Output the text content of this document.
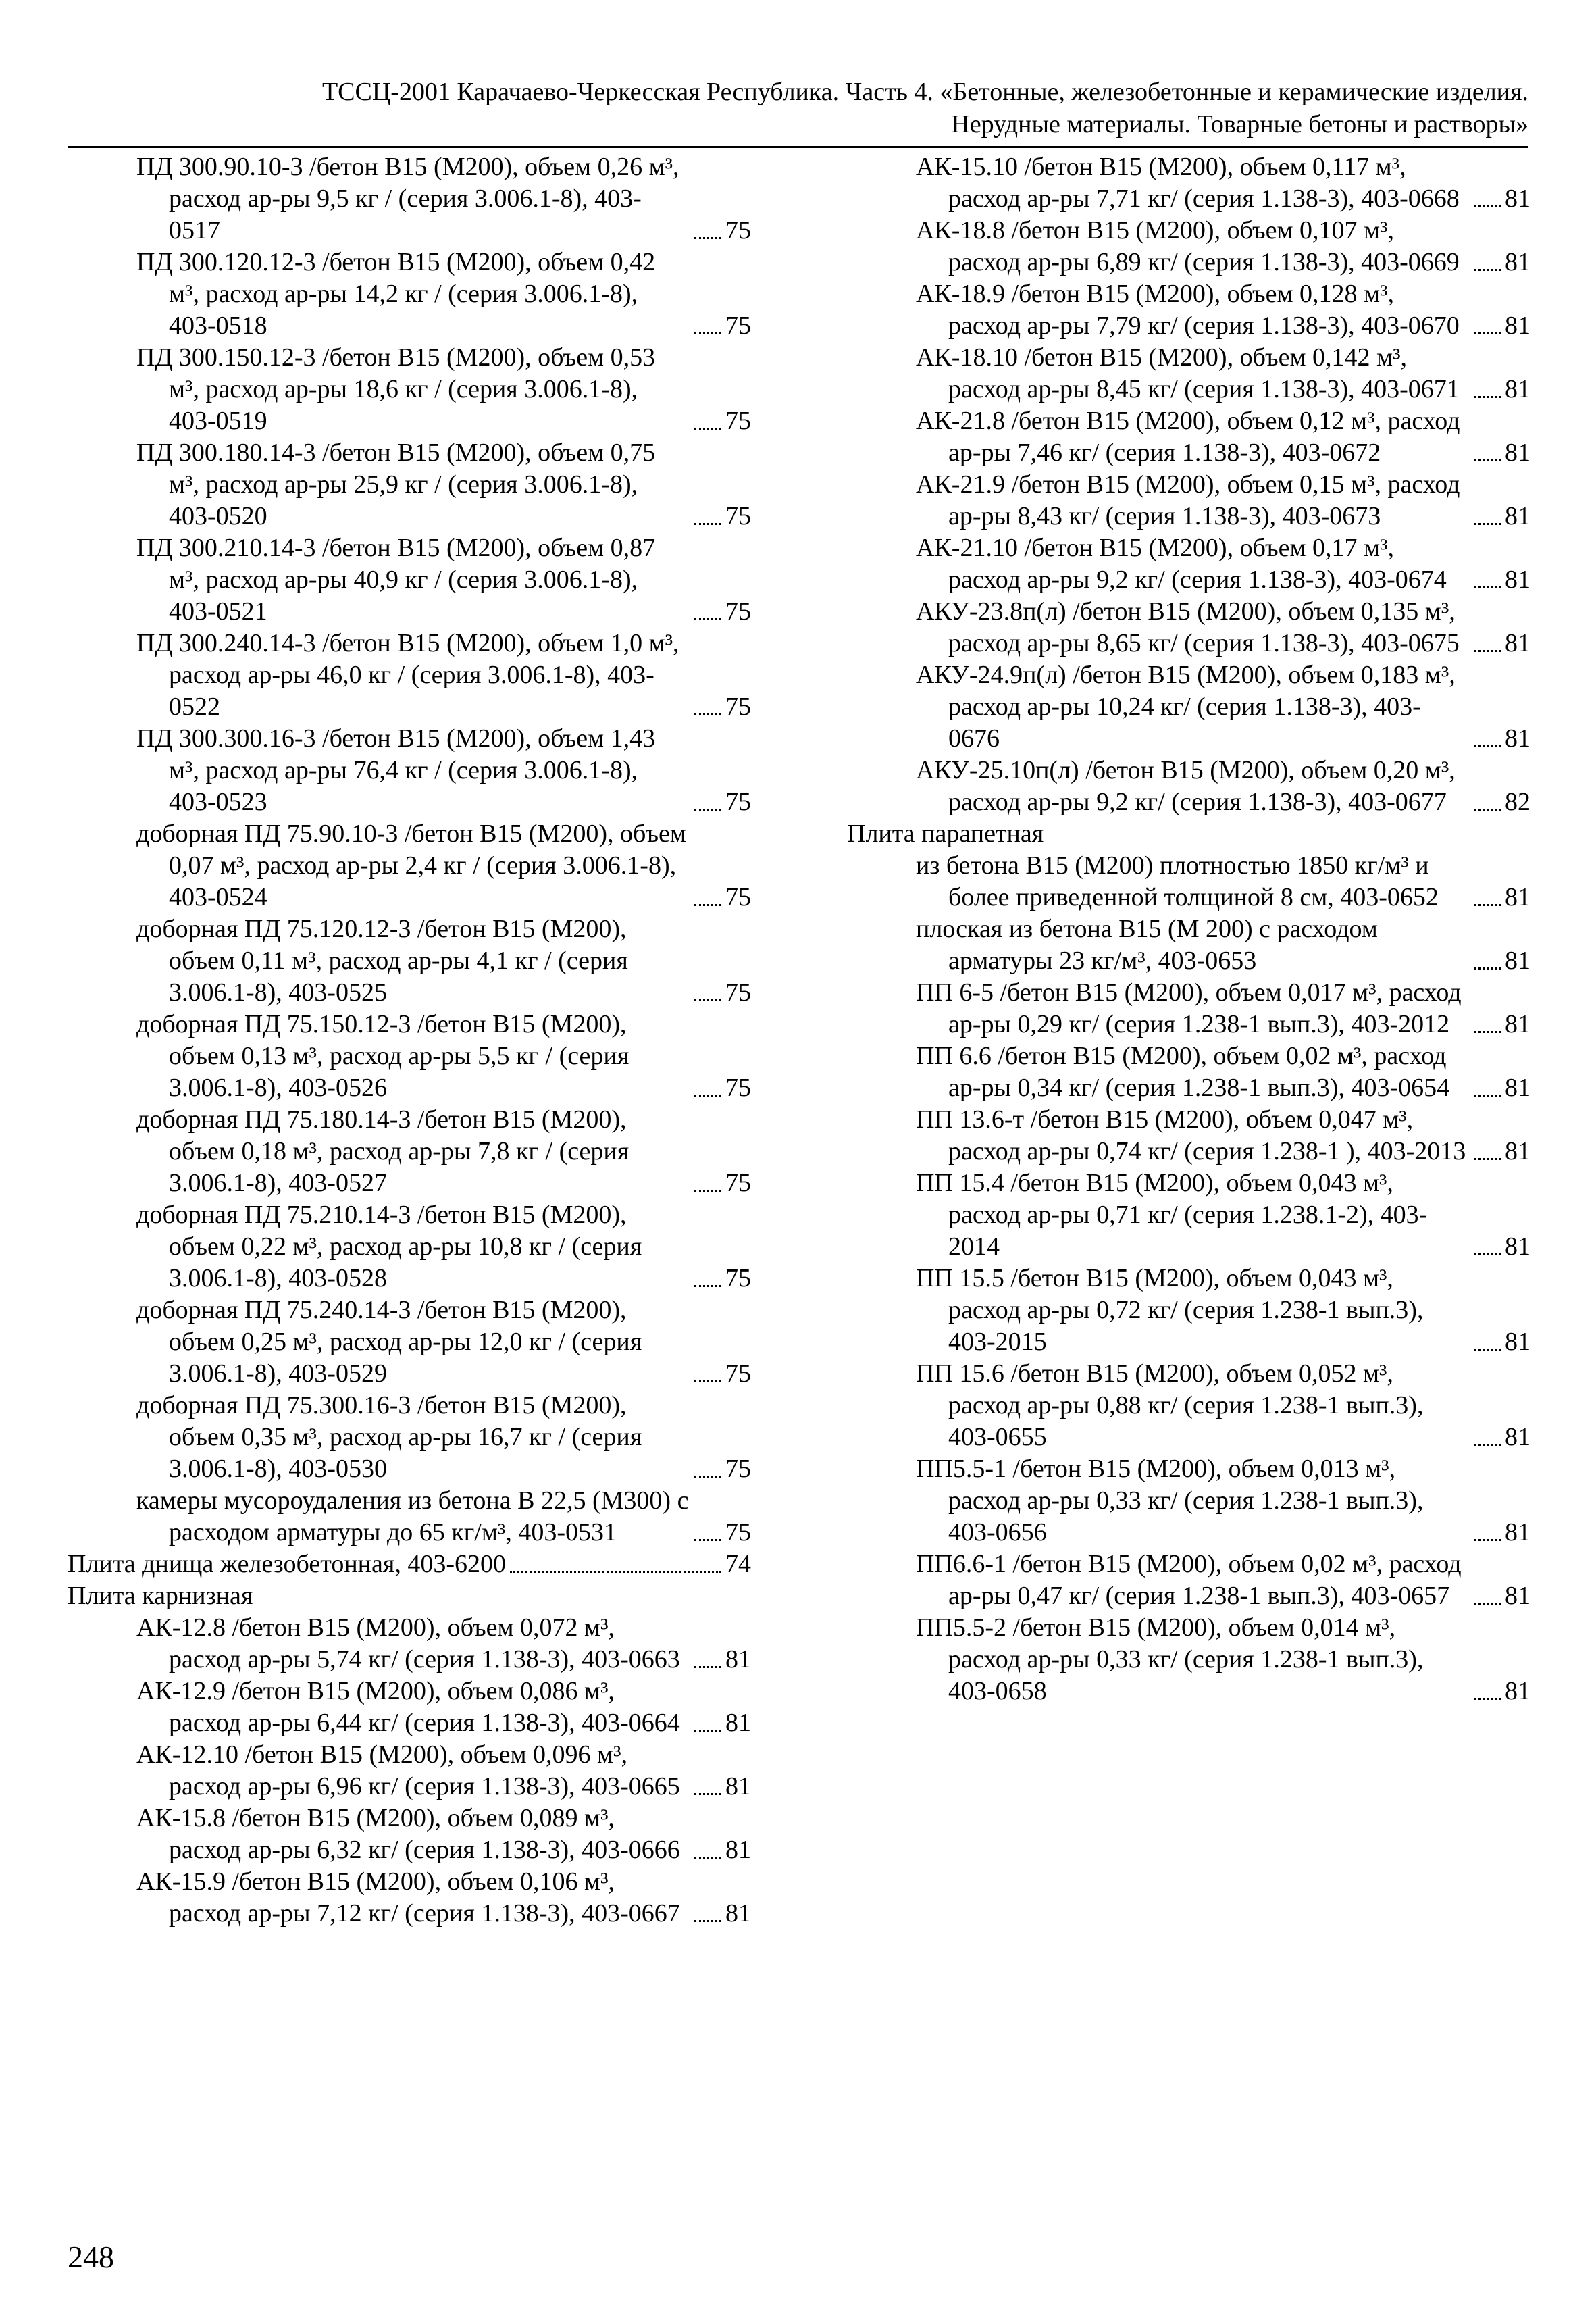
ТССЦ-2001 Карачаево-Черкесская Республика. Часть 4. «Бетонные, железобетонные и керамические изделия.
Нерудные материалы. Товарные бетоны и растворы»
ПД 300.90.10-3 /бетон В15 (М200), объем 0,26 м³, расход ар-ры 9,5 кг / (серия 3.006.1-8), 403-0517	75
ПД 300.120.12-3 /бетон В15 (М200), объем 0,42 м³, расход ар-ры 14,2 кг / (серия 3.006.1-8), 403-0518	75
ПД 300.150.12-3 /бетон В15 (М200), объем 0,53 м³, расход ар-ры 18,6 кг / (серия 3.006.1-8), 403-0519	75
ПД 300.180.14-3 /бетон В15 (М200), объем 0,75 м³, расход ар-ры 25,9 кг / (серия 3.006.1-8), 403-0520	75
ПД 300.210.14-3 /бетон В15 (М200), объем 0,87 м³, расход ар-ры 40,9 кг / (серия 3.006.1-8), 403-0521	75
ПД 300.240.14-3 /бетон В15 (М200), объем 1,0 м³, расход ар-ры 46,0 кг / (серия 3.006.1-8), 403-0522	75
ПД 300.300.16-3 /бетон В15 (М200), объем 1,43 м³, расход ар-ры 76,4 кг / (серия 3.006.1-8), 403-0523	75
доборная ПД 75.90.10-3 /бетон В15 (М200), объем 0,07 м³, расход ар-ры 2,4 кг / (серия 3.006.1-8), 403-0524	75
доборная ПД 75.120.12-3 /бетон В15 (М200), объем 0,11 м³, расход ар-ры 4,1 кг / (серия 3.006.1-8), 403-0525	75
доборная ПД 75.150.12-3 /бетон В15 (М200), объем 0,13 м³, расход ар-ры 5,5 кг / (серия 3.006.1-8), 403-0526	75
доборная ПД 75.180.14-3 /бетон В15 (М200), объем 0,18 м³, расход ар-ры 7,8 кг / (серия 3.006.1-8), 403-0527	75
доборная ПД 75.210.14-3 /бетон В15 (М200), объем 0,22 м³, расход ар-ры 10,8 кг / (серия 3.006.1-8), 403-0528	75
доборная ПД 75.240.14-3 /бетон В15 (М200), объем 0,25 м³, расход ар-ры 12,0 кг / (серия 3.006.1-8), 403-0529	75
доборная ПД 75.300.16-3 /бетон В15 (М200), объем 0,35 м³, расход ар-ры 16,7 кг / (серия 3.006.1-8), 403-0530	75
камеры мусороудаления из бетона В 22,5 (М300) с расходом арматуры до 65 кг/м³, 403-0531	75
Плита днища железобетонная, 403-6200	74
Плита карнизная
АК-12.8 /бетон В15 (М200), объем 0,072 м³, расход ар-ры 5,74 кг/ (серия 1.138-3), 403-0663	81
АК-12.9 /бетон В15 (М200), объем 0,086 м³, расход ар-ры 6,44 кг/ (серия 1.138-3), 403-0664	81
АК-12.10 /бетон В15 (М200), объем 0,096 м³, расход ар-ры 6,96 кг/ (серия 1.138-3), 403-0665	81
АК-15.8 /бетон В15 (М200), объем 0,089 м³, расход ар-ры 6,32 кг/ (серия 1.138-3), 403-0666	81
АК-15.9 /бетон В15 (М200), объем 0,106 м³, расход ар-ры 7,12 кг/ (серия 1.138-3), 403-0667	81
АК-15.10 /бетон В15 (М200), объем 0,117 м³, расход ар-ры 7,71 кг/ (серия 1.138-3), 403-0668	81
АК-18.8 /бетон В15 (М200), объем 0,107 м³, расход ар-ры 6,89 кг/ (серия 1.138-3), 403-0669	81
АК-18.9 /бетон В15 (М200), объем 0,128 м³, расход ар-ры 7,79 кг/ (серия 1.138-3), 403-0670	81
АК-18.10 /бетон В15 (М200), объем 0,142 м³, расход ар-ры 8,45 кг/ (серия 1.138-3), 403-0671	81
АК-21.8 /бетон В15 (М200), объем 0,12 м³, расход ар-ры 7,46 кг/ (серия 1.138-3), 403-0672	81
АК-21.9 /бетон В15 (М200), объем 0,15 м³, расход ар-ры 8,43 кг/ (серия 1.138-3), 403-0673	81
АК-21.10 /бетон В15 (М200), объем 0,17 м³, расход ар-ры 9,2 кг/ (серия 1.138-3), 403-0674	81
АКУ-23.8п(л) /бетон В15 (М200), объем 0,135 м³, расход ар-ры 8,65 кг/ (серия 1.138-3), 403-0675	81
АКУ-24.9п(л) /бетон В15 (М200), объем 0,183 м³, расход ар-ры 10,24 кг/ (серия 1.138-3), 403-0676	81
АКУ-25.10п(л) /бетон В15 (М200), объем 0,20 м³, расход ар-ры 9,2 кг/ (серия 1.138-3), 403-0677	82
Плита парапетная
из бетона В15 (М200) плотностью 1850 кг/м³ и более приведенной толщиной 8 см, 403-0652	81
плоская из бетона В15 (М 200) с расходом арматуры 23 кг/м³, 403-0653	81
ПП 6-5 /бетон В15 (М200), объем 0,017 м³, расход ар-ры 0,29 кг/ (серия 1.238-1 вып.3), 403-2012	81
ПП 6.6 /бетон В15 (М200), объем 0,02 м³, расход ар-ры 0,34 кг/ (серия 1.238-1 вып.3), 403-0654	81
ПП 13.6-т /бетон В15 (М200), объем 0,047 м³, расход ар-ры 0,74 кг/ (серия 1.238-1 ), 403-2013 81
ПП 15.4 /бетон В15 (М200), объем 0,043 м³, расход ар-ры 0,71 кг/ (серия 1.238.1-2), 403-2014	81
ПП 15.5 /бетон В15 (М200), объем 0,043 м³, расход ар-ры 0,72 кг/ (серия 1.238-1 вып.3), 403-2015	81
ПП 15.6 /бетон В15 (М200), объем 0,052 м³, расход ар-ры 0,88 кг/ (серия 1.238-1 вып.3), 403-0655	81
ПП5.5-1 /бетон В15 (М200), объем 0,013 м³, расход ар-ры 0,33 кг/ (серия 1.238-1 вып.3), 403-0656	81
ПП6.6-1 /бетон В15 (М200), объем 0,02 м³, расход ар-ры 0,47 кг/ (серия 1.238-1 вып.3), 403-0657	81
ПП5.5-2 /бетон В15 (М200), объем 0,014 м³, расход ар-ры 0,33 кг/ (серия 1.238-1 вып.3), 403-0658	81
248
